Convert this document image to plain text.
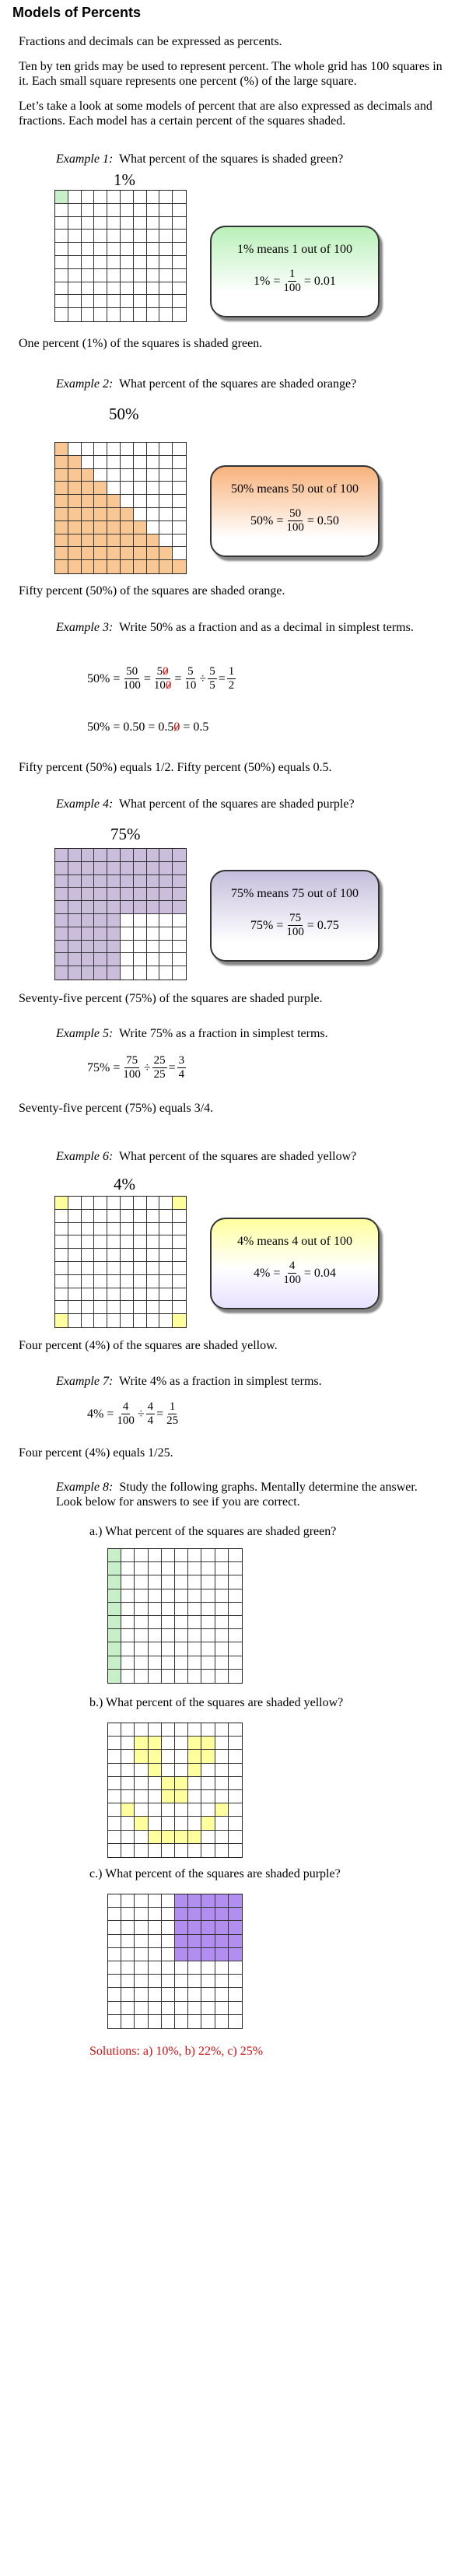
Models of Percents
Fractions and decimals can be expressed as percents.
Ten by ten grids may be used to represent percent. The whole grid has 100 squares in it. Each small square represents one percent (%) of the large square.
Let’s take a look at some models of percent that are also expressed as decimals and fractions. Each model has a certain percent of the squares shaded.
Example 1: What percent of the squares is shaded green?
1%
1% means 1 out of 100
$1\% = \frac{1}{100} = 0.01$
One percent (1%) of the squares is shaded green.
Example 2: What percent of the squares are shaded orange?
50%
50% means 50 out of 100
$50\% = \frac{50}{100} = 0.50$
Fifty percent (50%) of the squares are shaded orange.
Example 3: Write 50% as a fraction and as a decimal in simplest terms.
$50\% = \frac{50}{100} = \frac{50}{100} = \frac{5}{10} \div \frac{5}{5} = \frac{1}{2}$
50% = 0.50 = 0.5 0
= 0.5
Fifty percent (50%) equals 1/2. Fifty percent (50%) equals 0.5.
Example 4: What percent of the squares are shaded purple?
75%
75% means 75 out of 100
$75\% = \frac{75}{100} = 0.75$
Seventy-five percent (75%) of the squares are shaded purple.
Example 5: Write 75% as a fraction in simplest terms.
$75\% = \frac{75}{100} \div \frac{25}{25} = \frac{3}{4}$
Seventy-five percent (75%) equals 3/4.
Example 6: What percent of the squares are shaded yellow?
4%
4% means 4 out of 100
$4\% = \frac{4}{100} = 0.04$
Four percent (4%) of the squares are shaded yellow.
Example 7: Write 4% as a fraction in simplest terms.
$4\% = \frac{4}{100} \div \frac{4}{4} = \frac{1}{25}$
Four percent (4%) equals 1/25.
Example 8: Study the following graphs. Mentally determine the answer. Look below for answers to see if you are correct.
a.) What percent of the squares are shaded green?
b.) What percent of the squares are shaded yellow?
c.) What percent of the squares are shaded purple?
Solutions: a) 10%, b) 22%, c) 25%
